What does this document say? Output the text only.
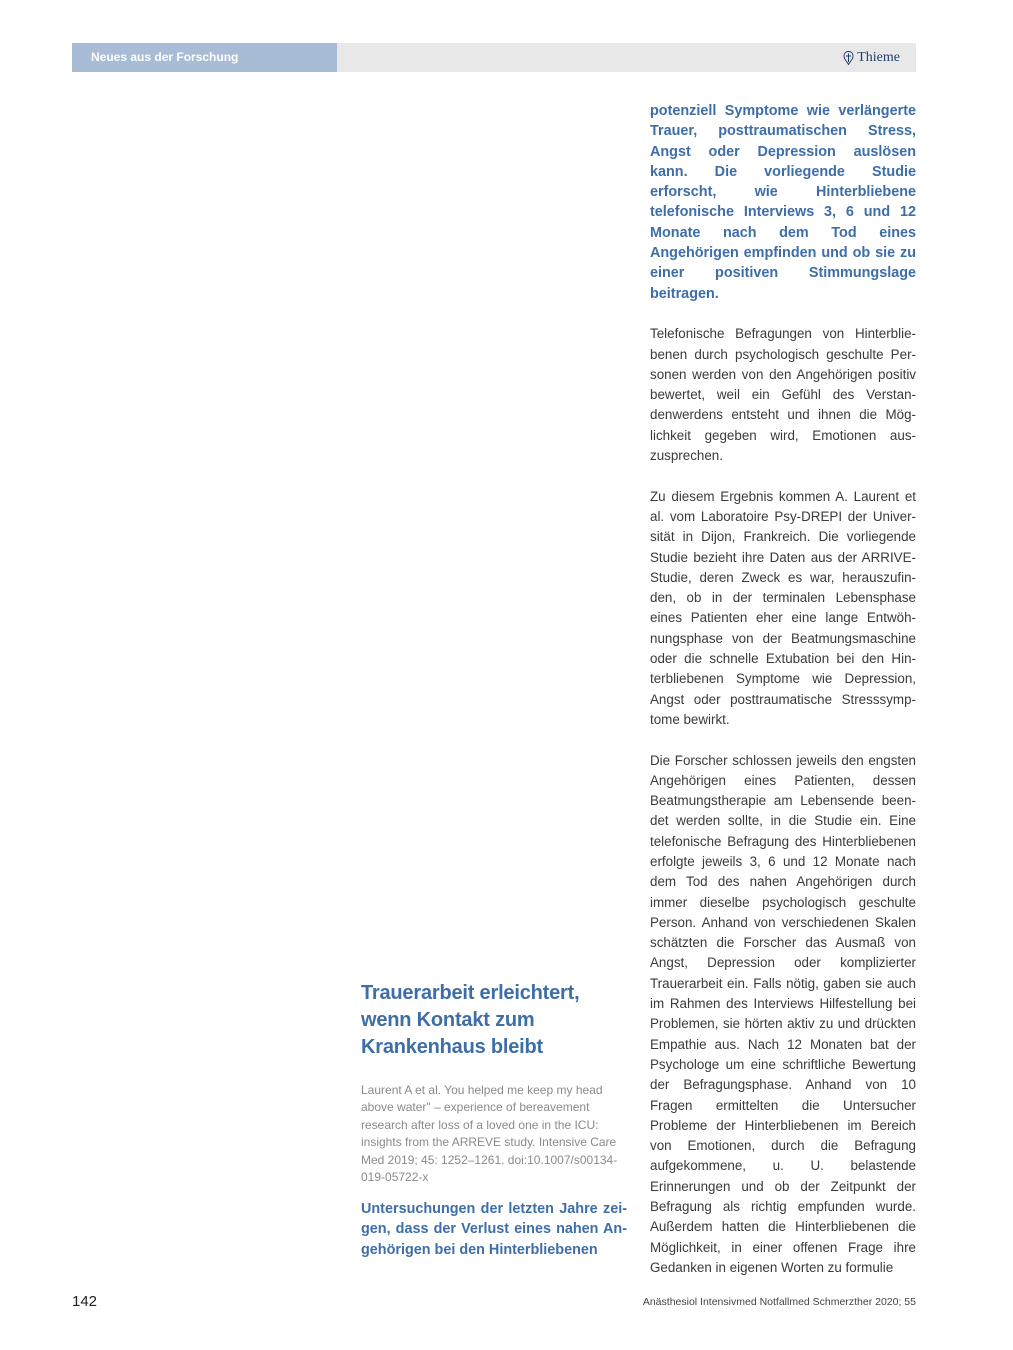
Neues aus der Forschung	Thieme
Trauerarbeit erleichtert, wenn Kontakt zum Krankenhaus bleibt
Laurent A et al. You helped me keep my head above water" – experience of bereavement research after loss of a loved one in the ICU: insights from the ARREVE study. Intensive Care Med 2019; 45: 1252–1261. doi:10.1007/s00134-019-05722-x
Untersuchungen der letzten Jahre zeigen, dass der Verlust eines nahen Angehörigen bei den Hinterbliebenen

potenziell Symptome wie verlängerte Trauer, posttraumatischen Stress, Angst oder Depression auslösen kann. Die vorliegende Studie erforscht, wie Hinterbliebene telefonische Interviews 3, 6 und 12 Monate nach dem Tod eines Angehörigen empfinden und ob sie zu einer positiven Stimmungslage beitragen.

Telefonische Befragungen von Hinterbliebenen durch psychologisch geschulte Personen werden von den Angehörigen positiv bewertet, weil ein Gefühl des Verstandenwerdens entsteht und ihnen die Möglichkeit gegeben wird, Emotionen auszusprechen.

Zu diesem Ergebnis kommen A. Laurent et al. vom Laboratoire Psy-DREPI der Universität in Dijon, Frankreich. Die vorliegende Studie bezieht ihre Daten aus der ARRIVE-Studie, deren Zweck es war, herauszufinden, ob in der terminalen Lebensphase eines Patienten eher eine lange Entwöhnungsphase von der Beatmungsmaschine oder die schnelle Extubation bei den Hinterbliebenen Symptome wie Depression, Angst oder posttraumatische Stresssymptome bewirkt.

Die Forscher schlossen jeweils den engsten Angehörigen eines Patienten, dessen Beatmungstherapie am Lebensende beendet werden sollte, in die Studie ein. Eine telefonische Befragung des Hinterbliebenen erfolgte jeweils 3, 6 und 12 Monate nach dem Tod des nahen Angehörigen durch immer dieselbe psychologisch geschulte Person. Anhand von verschiedenen Skalen schätzten die Forscher das Ausmaß von Angst, Depression oder komplizierter Trauerarbeit ein. Falls nötig, gaben sie auch im Rahmen des Interviews Hilfestellung bei Problemen, sie hörten aktiv zu und drückten Empathie aus. Nach 12 Monaten bat der Psychologe um eine schriftliche Bewertung der Befragungsphase. Anhand von 10 Fragen ermittelten die Untersucher Probleme der Hinterbliebenen im Bereich von Emotionen, durch die Befragung aufgekommene, u. U. belastende Erinnerungen und ob der Zeitpunkt der Befragung als richtig empfunden wurde. Außerdem hatten die Hinterbliebenen die Möglichkeit, in einer offenen Frage ihre Gedanken in eigenen Worten zu formulie

142	Anästhesiol Intensivmed Notfallmed Schmerzther 2020; 55
